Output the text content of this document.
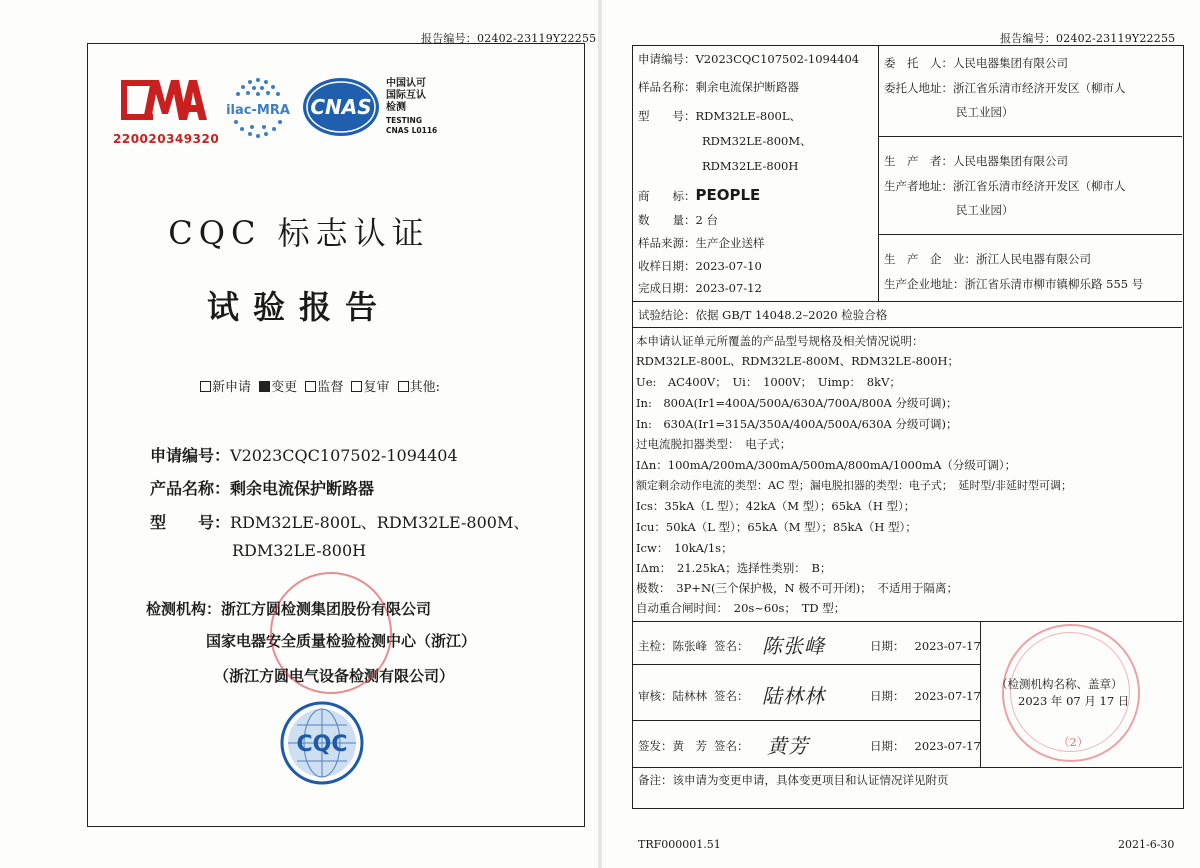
报告编号：02402-23119Y22255
220020349320
ilac-MRA CNAS
中国认可
国际互认
检测
TESTING
CNAS L0116
CQC 标志认证
试验报告
新申请 变更 监督 复审 其他:
申请编号：V2023CQC107502-1094404
产品名称：剩余电流保护断路器
型　　号：RDM32LE-800L、RDM32LE-800M、
RDM32LE-800H
检测机构：浙江方圆检测集团股份有限公司
国家电器安全质量检验检测中心（浙江）
（浙江方圆电气设备检测有限公司）
CQC
报告编号：02402-23119Y22255
申请编号：V2023CQC107502-1094404
样品名称：剩余电流保护断路器
型　　号：RDM32LE-800L、
RDM32LE-800M、
RDM32LE-800H
商　　标：PEOPLE
数　　量：2 台
样品来源：生产企业送样
收样日期：2023-07-10
完成日期：2023-07-12
委　托　人：人民电器集团有限公司
委托人地址：浙江省乐清市经济开发区（柳市人
民工业园）
生　产　者：人民电器集团有限公司
生产者地址：浙江省乐清市经济开发区（柳市人
民工业园）
生　产　企　业：浙江人民电器有限公司
生产企业地址：浙江省乐清市柳市镇柳乐路 555 号
试验结论：依据 GB/T 14048.2–2020 检验合格
本申请认证单元所覆盖的产品型号规格及相关情况说明：
RDM32LE-800L、RDM32LE-800M、RDM32LE-800H；
Ue:　AC400V；　Ui：　1000V；　Uimp：　8kV；
In:　800A(Ir1=400A/500A/630A/700A/800A 分级可调)；
In:　630A(Ir1=315A/350A/400A/500A/630A 分级可调)；
过电流脱扣器类型：　电子式；
IΔn：100mA/200mA/300mA/500mA/800mA/1000mA（分级可调）；
额定剩余动作电流的类型：AC 型；漏电脱扣器的类型：电子式；　延时型/非延时型可调；
Ics：35kA（L 型）；42kA（M 型）；65kA（H 型）；
Icu：50kA（L 型）；65kA（M 型）；85kA（H 型）；
Icw：　10kA/1s；
IΔm：　21.25kA；选择性类别：　B；
极数：　3P+N(三个保护极，N 极不可开闭)；　不适用于隔离；
自动重合闸时间：　20s~60s；　TD 型；
主检：陈张峰 签名： 陈张峰	日期： 2023-07-17
审核：陆林林 签名： 陆林林	日期： 2023-07-17
签发：黄　芳 签名： 黄芳	日期： 2023-07-17
（检测机构名称、盖章）
2023 年 07 月 17 日
（2）
备注：该申请为变更申请，具体变更项目和认证情况详见附页
TRF000001.51	2021-6-30
